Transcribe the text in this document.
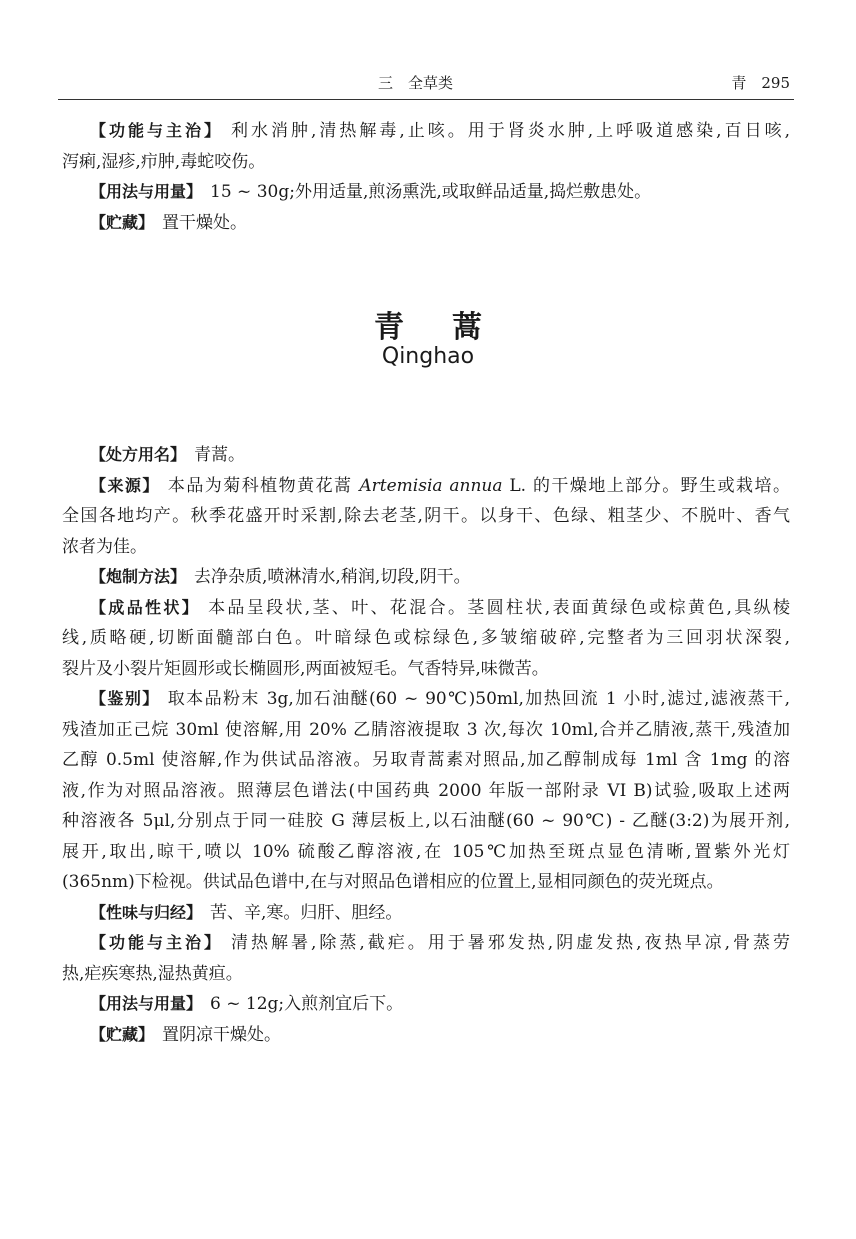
三　全草类	青　295
【功能与主治】 利水消肿,清热解毒,止咳。用于肾炎水肿,上呼吸道感染,百日咳,
泻痢,湿疹,疖肿,毒蛇咬伤。
【用法与用量】 15 ~ 30g;外用适量,煎汤熏洗,或取鲜品适量,捣烂敷患处。
【贮藏】 置干燥处。
青蒿
Qinghao
【处方用名】 青蒿。
【来源】 本品为菊科植物黄花蒿 Artemisia annua L. 的干燥地上部分。野生或栽培。
全国各地均产。秋季花盛开时采割,除去老茎,阴干。以身干、色绿、粗茎少、不脱叶、香气
浓者为佳。
【炮制方法】 去净杂质,喷淋清水,稍润,切段,阴干。
【成品性状】 本品呈段状,茎、叶、花混合。茎圆柱状,表面黄绿色或棕黄色,具纵棱
线,质略硬,切断面髓部白色。叶暗绿色或棕绿色,多皱缩破碎,完整者为三回羽状深裂,
裂片及小裂片矩圆形或长椭圆形,两面被短毛。气香特异,味微苦。
【鉴别】 取本品粉末 3g,加石油醚(60 ~ 90℃)50ml,加热回流 1 小时,滤过,滤液蒸干,
残渣加正己烷 30ml 使溶解,用 20% 乙腈溶液提取 3 次,每次 10ml,合并乙腈液,蒸干,残渣加
乙醇 0.5ml 使溶解,作为供试品溶液。另取青蒿素对照品,加乙醇制成每 1ml 含 1mg 的溶
液,作为对照品溶液。照薄层色谱法(中国药典 2000 年版一部附录 VI B)试验,吸取上述两
种溶液各 5μl,分别点于同一硅胶 G 薄层板上,以石油醚(60 ~ 90℃) - 乙醚(3:2)为展开剂,
展开,取出,晾干,喷以 10% 硫酸乙醇溶液,在 105℃加热至斑点显色清晰,置紫外光灯
(365nm)下检视。供试品色谱中,在与对照品色谱相应的位置上,显相同颜色的荧光斑点。
【性味与归经】 苦、辛,寒。归肝、胆经。
【功能与主治】 清热解暑,除蒸,截疟。用于暑邪发热,阴虚发热,夜热早凉,骨蒸劳
热,疟疾寒热,湿热黄疸。
【用法与用量】 6 ~ 12g;入煎剂宜后下。
【贮藏】 置阴凉干燥处。
